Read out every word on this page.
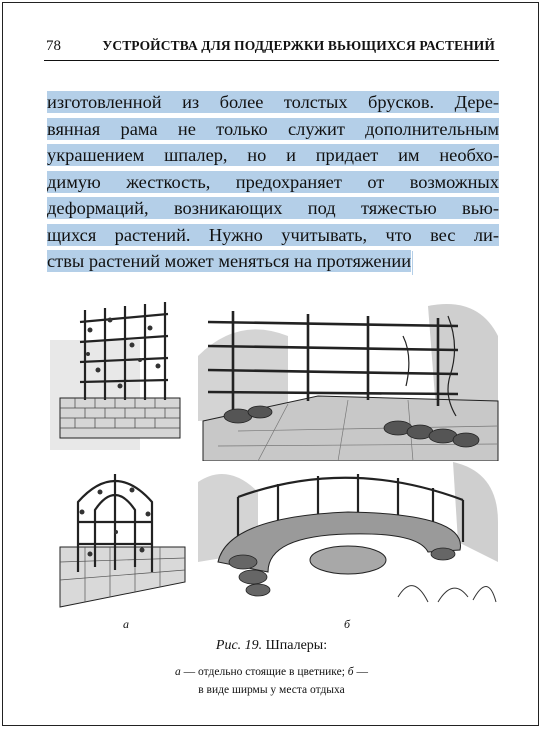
78	УСТРОЙСТВА ДЛЯ ПОДДЕРЖКИ ВЬЮЩИХСЯ РАСТЕНИЙ
изготовленной из более толстых брусков. Дере-
вянная рама не только служит дополнительным
украшением шпалер, но и придает им необхо-
димую жесткость, предохраняет от возможных
деформаций, возникающих под тяжестью вью-
щихся растений. Нужно учитывать, что вес ли-
ствы растений может меняться на протяжении
а	б
Рис. 19. Шпалеры:
а — отдельно стоящие в цветнике; б —
в виде ширмы у места отдыха
